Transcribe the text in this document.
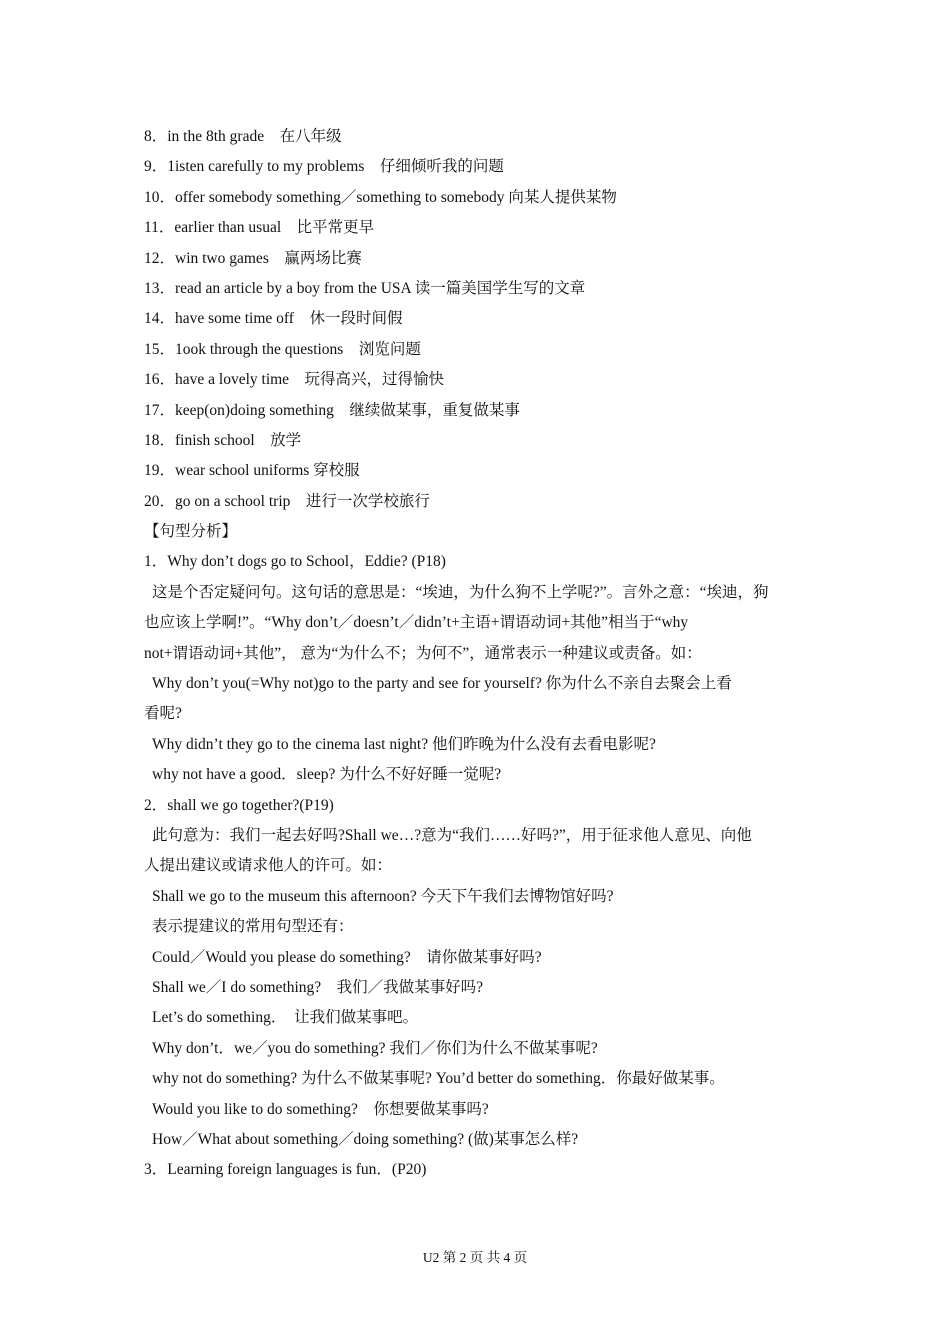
8．in the 8th grade　在八年级
9．1isten carefully to my problems　仔细倾听我的问题
10．offer somebody something／something to somebody 向某人提供某物
11．earlier than usual　比平常更早
12．win two games　赢两场比赛
13．read an article by a boy from the USA 读一篇美国学生写的文章
14．have some time off　休一段时间假
15．1ook through the questions　浏览问题
16．have a lovely time　玩得高兴，过得愉快
17．keep(on)doing something　继续做某事，重复做某事
18．finish school　放学
19．wear school uniforms 穿校服
20．go on a school trip　进行一次学校旅行
【句型分析】
1．Why don’t dogs go to School，Eddie? (P18)
这是个否定疑问句。这句话的意思是：“埃迪，为什么狗不上学呢?”。言外之意：“埃迪，狗
也应该上学啊!”。“Why don’t／doesn’t／didn’t+主语+谓语动词+其他”相当于“why
not+谓语动词+其他”， 意为“为什么不；为何不”，通常表示一种建议或责备。如：
Why don’t you(=Why not)go to the party and see for yourself? 你为什么不亲自去聚会上看
看呢?
Why didn’t they go to the cinema last night? 他们昨晚为什么没有去看电影呢?
why not have a good．sleep? 为什么不好好睡一觉呢?
2．shall we go together?(P19)
此句意为：我们一起去好吗?Shall we…?意为“我们……好吗?”，用于征求他人意见、向他
人提出建议或请求他人的许可。如：
Shall we go to the museum this afternoon? 今天下午我们去博物馆好吗?
表示提建议的常用句型还有：
Could／Would you please do something?　请你做某事好吗?
Shall we／I do something?　我们／我做某事好吗?
Let’s do something．　让我们做某事吧。
Why don’t．we／you do something? 我们／你们为什么不做某事呢?
why not do something? 为什么不做某事呢? You’d better do something．你最好做某事。
Would you like to do something?　你想要做某事吗?
How／What about something／doing something? (做)某事怎么样?
3．Learning foreign languages is fun．(P20)
U2 第 2 页 共 4 页
